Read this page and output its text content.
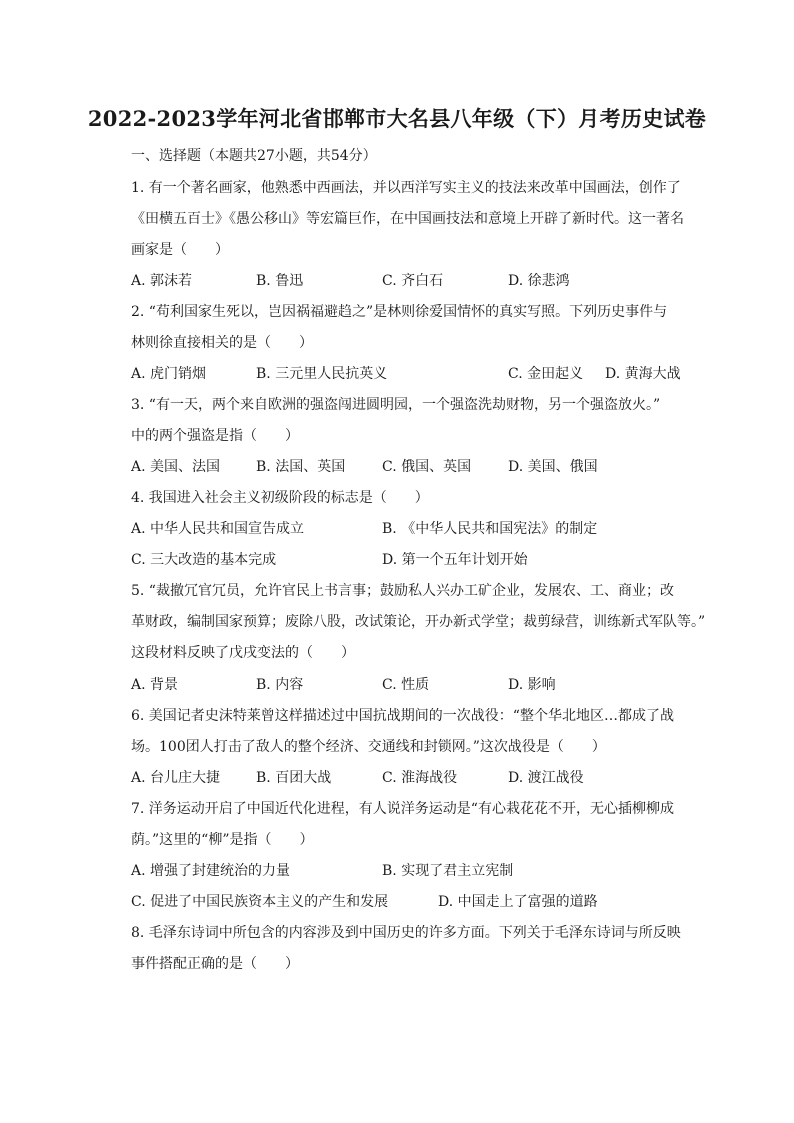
2022-2023学年河北省邯郸市大名县八年级（下）月考历史试卷
一、选择题（本题共27小题，共54分）
1. 有一个著名画家，他熟悉中西画法，并以西洋写实主义的技法来改革中国画法，创作了
《田横五百士》《愚公移山》等宏篇巨作，在中国画技法和意境上开辟了新时代。这一著名
画家是（　　）
A. 郭沫若	B. 鲁迅	C. 齐白石	D. 徐悲鸿
2. “苟利国家生死以，岂因祸福避趋之”是林则徐爱国情怀的真实写照。下列历史事件与
林则徐直接相关的是（　　）
A. 虎门销烟	B. 三元里人民抗英义	C. 金田起义 D. 黄海大战
3. “有一天，两个来自欧洲的强盗闯进圆明园，一个强盗洗劫财物，另一个强盗放火。”
中的两个强盗是指（　　）
A. 美国、法国	B. 法国、英国	C. 俄国、英国	D. 美国、俄国
4. 我国进入社会主义初级阶段的标志是（　　）
A. 中华人民共和国宣告成立	B. 《中华人民共和国宪法》的制定
C. 三大改造的基本完成	D. 第一个五年计划开始
5. “裁撤冗官冗员，允许官民上书言事；鼓励私人兴办工矿企业，发展农、工、商业；改
革财政，编制国家预算；废除八股，改试策论，开办新式学堂；裁剪绿营，训练新式军队等。”
这段材料反映了戊戌变法的（　　）
A. 背景	B. 内容	C. 性质	D. 影响
6. 美国记者史沫特莱曾这样描述过中国抗战期间的一次战役：“整个华北地区…都成了战
场。100团人打击了敌人的整个经济、交通线和封锁网。”这次战役是（　　）
A. 台儿庄大捷	B. 百团大战	C. 淮海战役	D. 渡江战役
7. 洋务运动开启了中国近代化进程，有人说洋务运动是“有心栽花花不开，无心插柳柳成
荫。”这里的“柳”是指（　　）
A. 增强了封建统治的力量	B. 实现了君主立宪制
C. 促进了中国民族资本主义的产生和发展	D. 中国走上了富强的道路
8. 毛泽东诗词中所包含的内容涉及到中国历史的许多方面。下列关于毛泽东诗词与所反映
事件搭配正确的是（　　）
